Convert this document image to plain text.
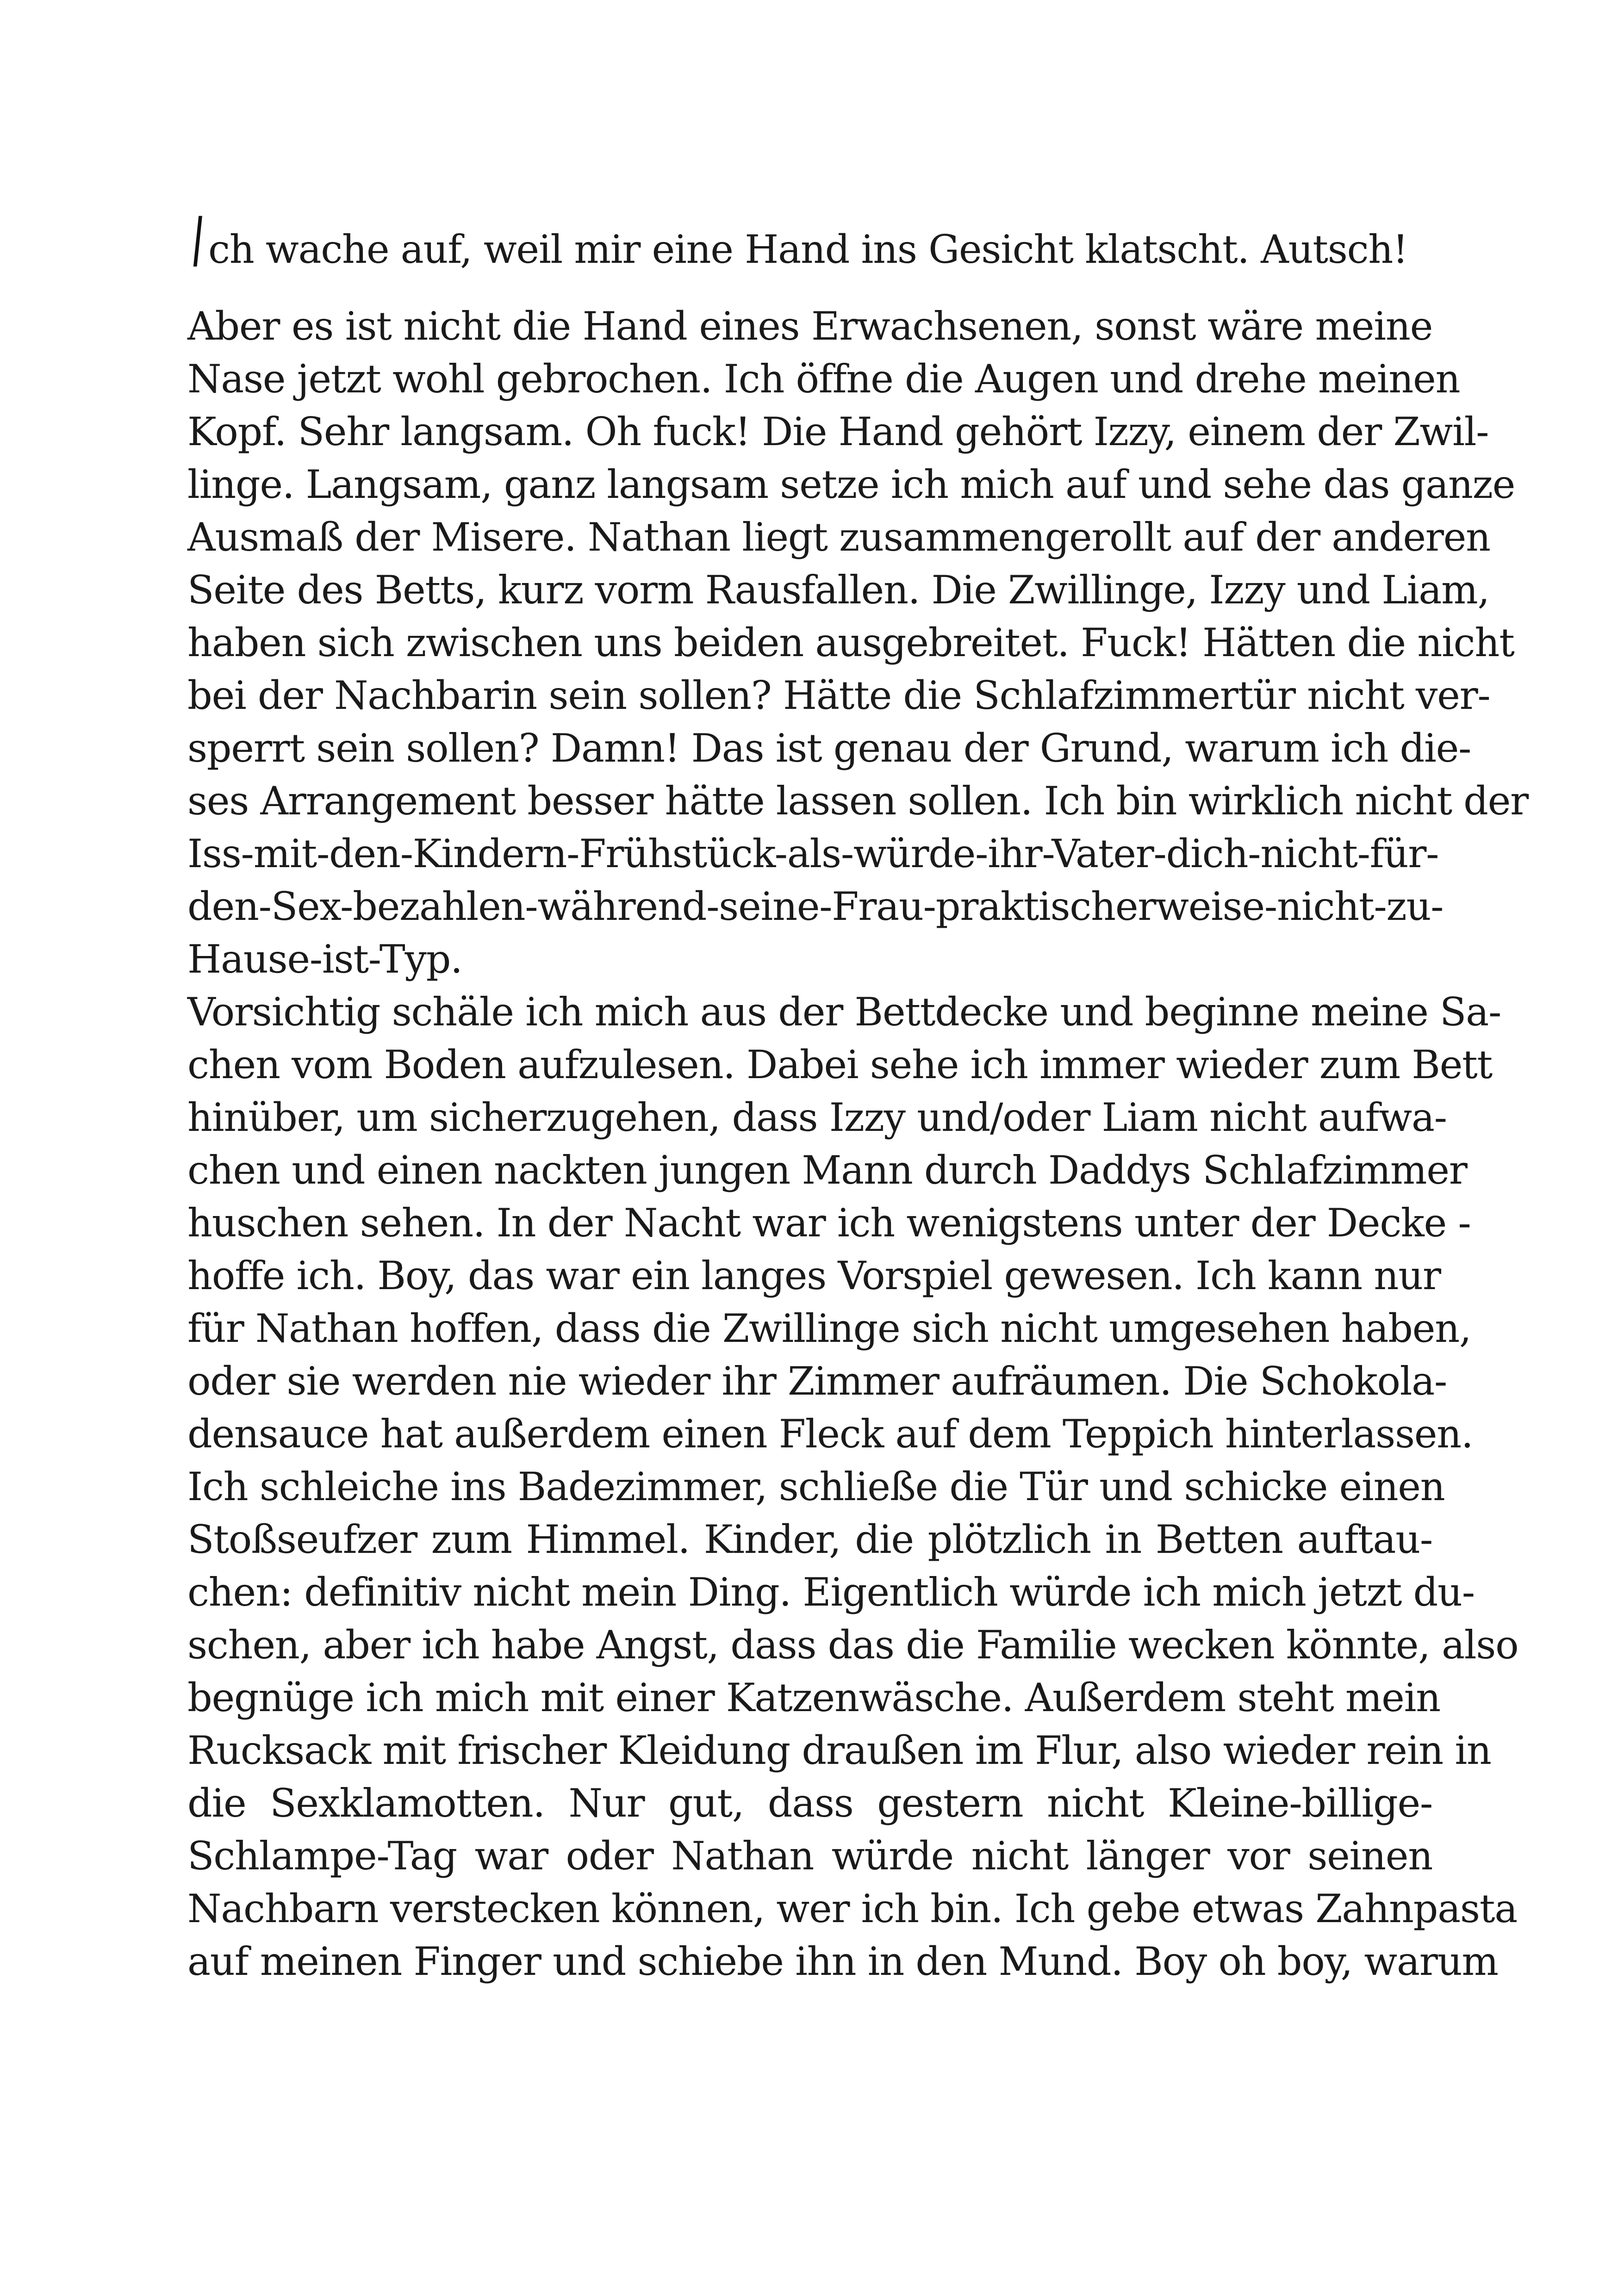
Ich wache auf, weil mir eine Hand ins Gesicht klatscht. Autsch!
Aber es ist nicht die Hand eines Erwachsenen, sonst wäre meine
Nase jetzt wohl gebrochen. Ich öffne die Augen und drehe meinen
Kopf. Sehr langsam. Oh fuck! Die Hand gehört Izzy, einem der Zwil-
linge. Langsam, ganz langsam setze ich mich auf und sehe das ganze
Ausmaß der Misere. Nathan liegt zusammengerollt auf der anderen
Seite des Betts, kurz vorm Rausfallen. Die Zwillinge, Izzy und Liam,
haben sich zwischen uns beiden ausgebreitet. Fuck! Hätten die nicht
bei der Nachbarin sein sollen? Hätte die Schlafzimmertür nicht ver-
sperrt sein sollen? Damn! Das ist genau der Grund, warum ich die-
ses Arrangement besser hätte lassen sollen. Ich bin wirklich nicht der
Iss-mit-den-Kindern-Frühstück-als-würde-ihr-Vater-dich-nicht-für-
den-Sex-bezahlen-während-seine-Frau-praktischerweise-nicht-zu-
Hause-ist-Typ.
Vorsichtig schäle ich mich aus der Bettdecke und beginne meine Sa-
chen vom Boden aufzulesen. Dabei sehe ich immer wieder zum Bett
hinüber, um sicherzugehen, dass Izzy und/oder Liam nicht aufwa-
chen und einen nackten jungen Mann durch Daddys Schlafzimmer
huschen sehen. In der Nacht war ich wenigstens unter der Decke -
hoffe ich. Boy, das war ein langes Vorspiel gewesen. Ich kann nur
für Nathan hoffen, dass die Zwillinge sich nicht umgesehen haben,
oder sie werden nie wieder ihr Zimmer aufräumen. Die Schokola-
densauce hat außerdem einen Fleck auf dem Teppich hinterlassen.
Ich schleiche ins Badezimmer, schließe die Tür und schicke einen
Stoßseufzer zum Himmel. Kinder, die plötzlich in Betten auftau-
chen: definitiv nicht mein Ding. Eigentlich würde ich mich jetzt du-
schen, aber ich habe Angst, dass das die Familie wecken könnte, also
begnüge ich mich mit einer Katzenwäsche. Außerdem steht mein
Rucksack mit frischer Kleidung draußen im Flur, also wieder rein in
die Sexklamotten. Nur gut, dass gestern nicht Kleine-billige-
Schlampe-Tag war oder Nathan würde nicht länger vor seinen
Nachbarn verstecken können, wer ich bin. Ich gebe etwas Zahnpasta
auf meinen Finger und schiebe ihn in den Mund. Boy oh boy, warum
